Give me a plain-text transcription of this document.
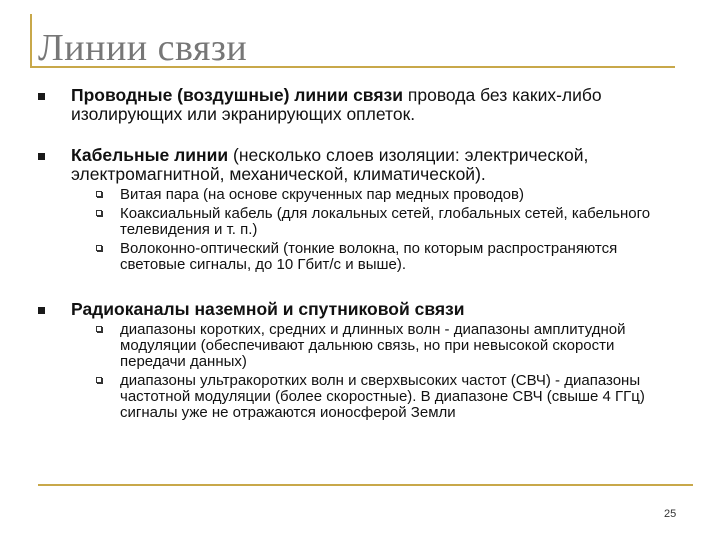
Линии связи
Проводные (воздушные) линии связи провода без каких-либо изолирующих или экранирующих оплеток.
Кабельные линии (несколько слоев изоляции: электрической, электромагнитной, механической, климатической).
Витая пара (на основе скрученных пар медных проводов)
Коаксиальный кабель (для локальных сетей, глобальных сетей, кабельного телевидения и т. п.)
Волоконно-оптический (тонкие волокна, по которым распространяются световые сигналы, до 10 Гбит/с и выше).
Радиоканалы наземной и спутниковой связи
диапазоны коротких, средних и длинных волн - диапазоны амплитудной модуляции (обеспечивают дальнюю связь, но при невысокой скорости передачи данных)
диапазоны ультракоротких волн и сверхвысоких частот (СВЧ) - диапазоны частотной модуляции (более скоростные). В диапазоне СВЧ (свыше 4 ГГц) сигналы уже не отражаются ионосферой Земли
25
